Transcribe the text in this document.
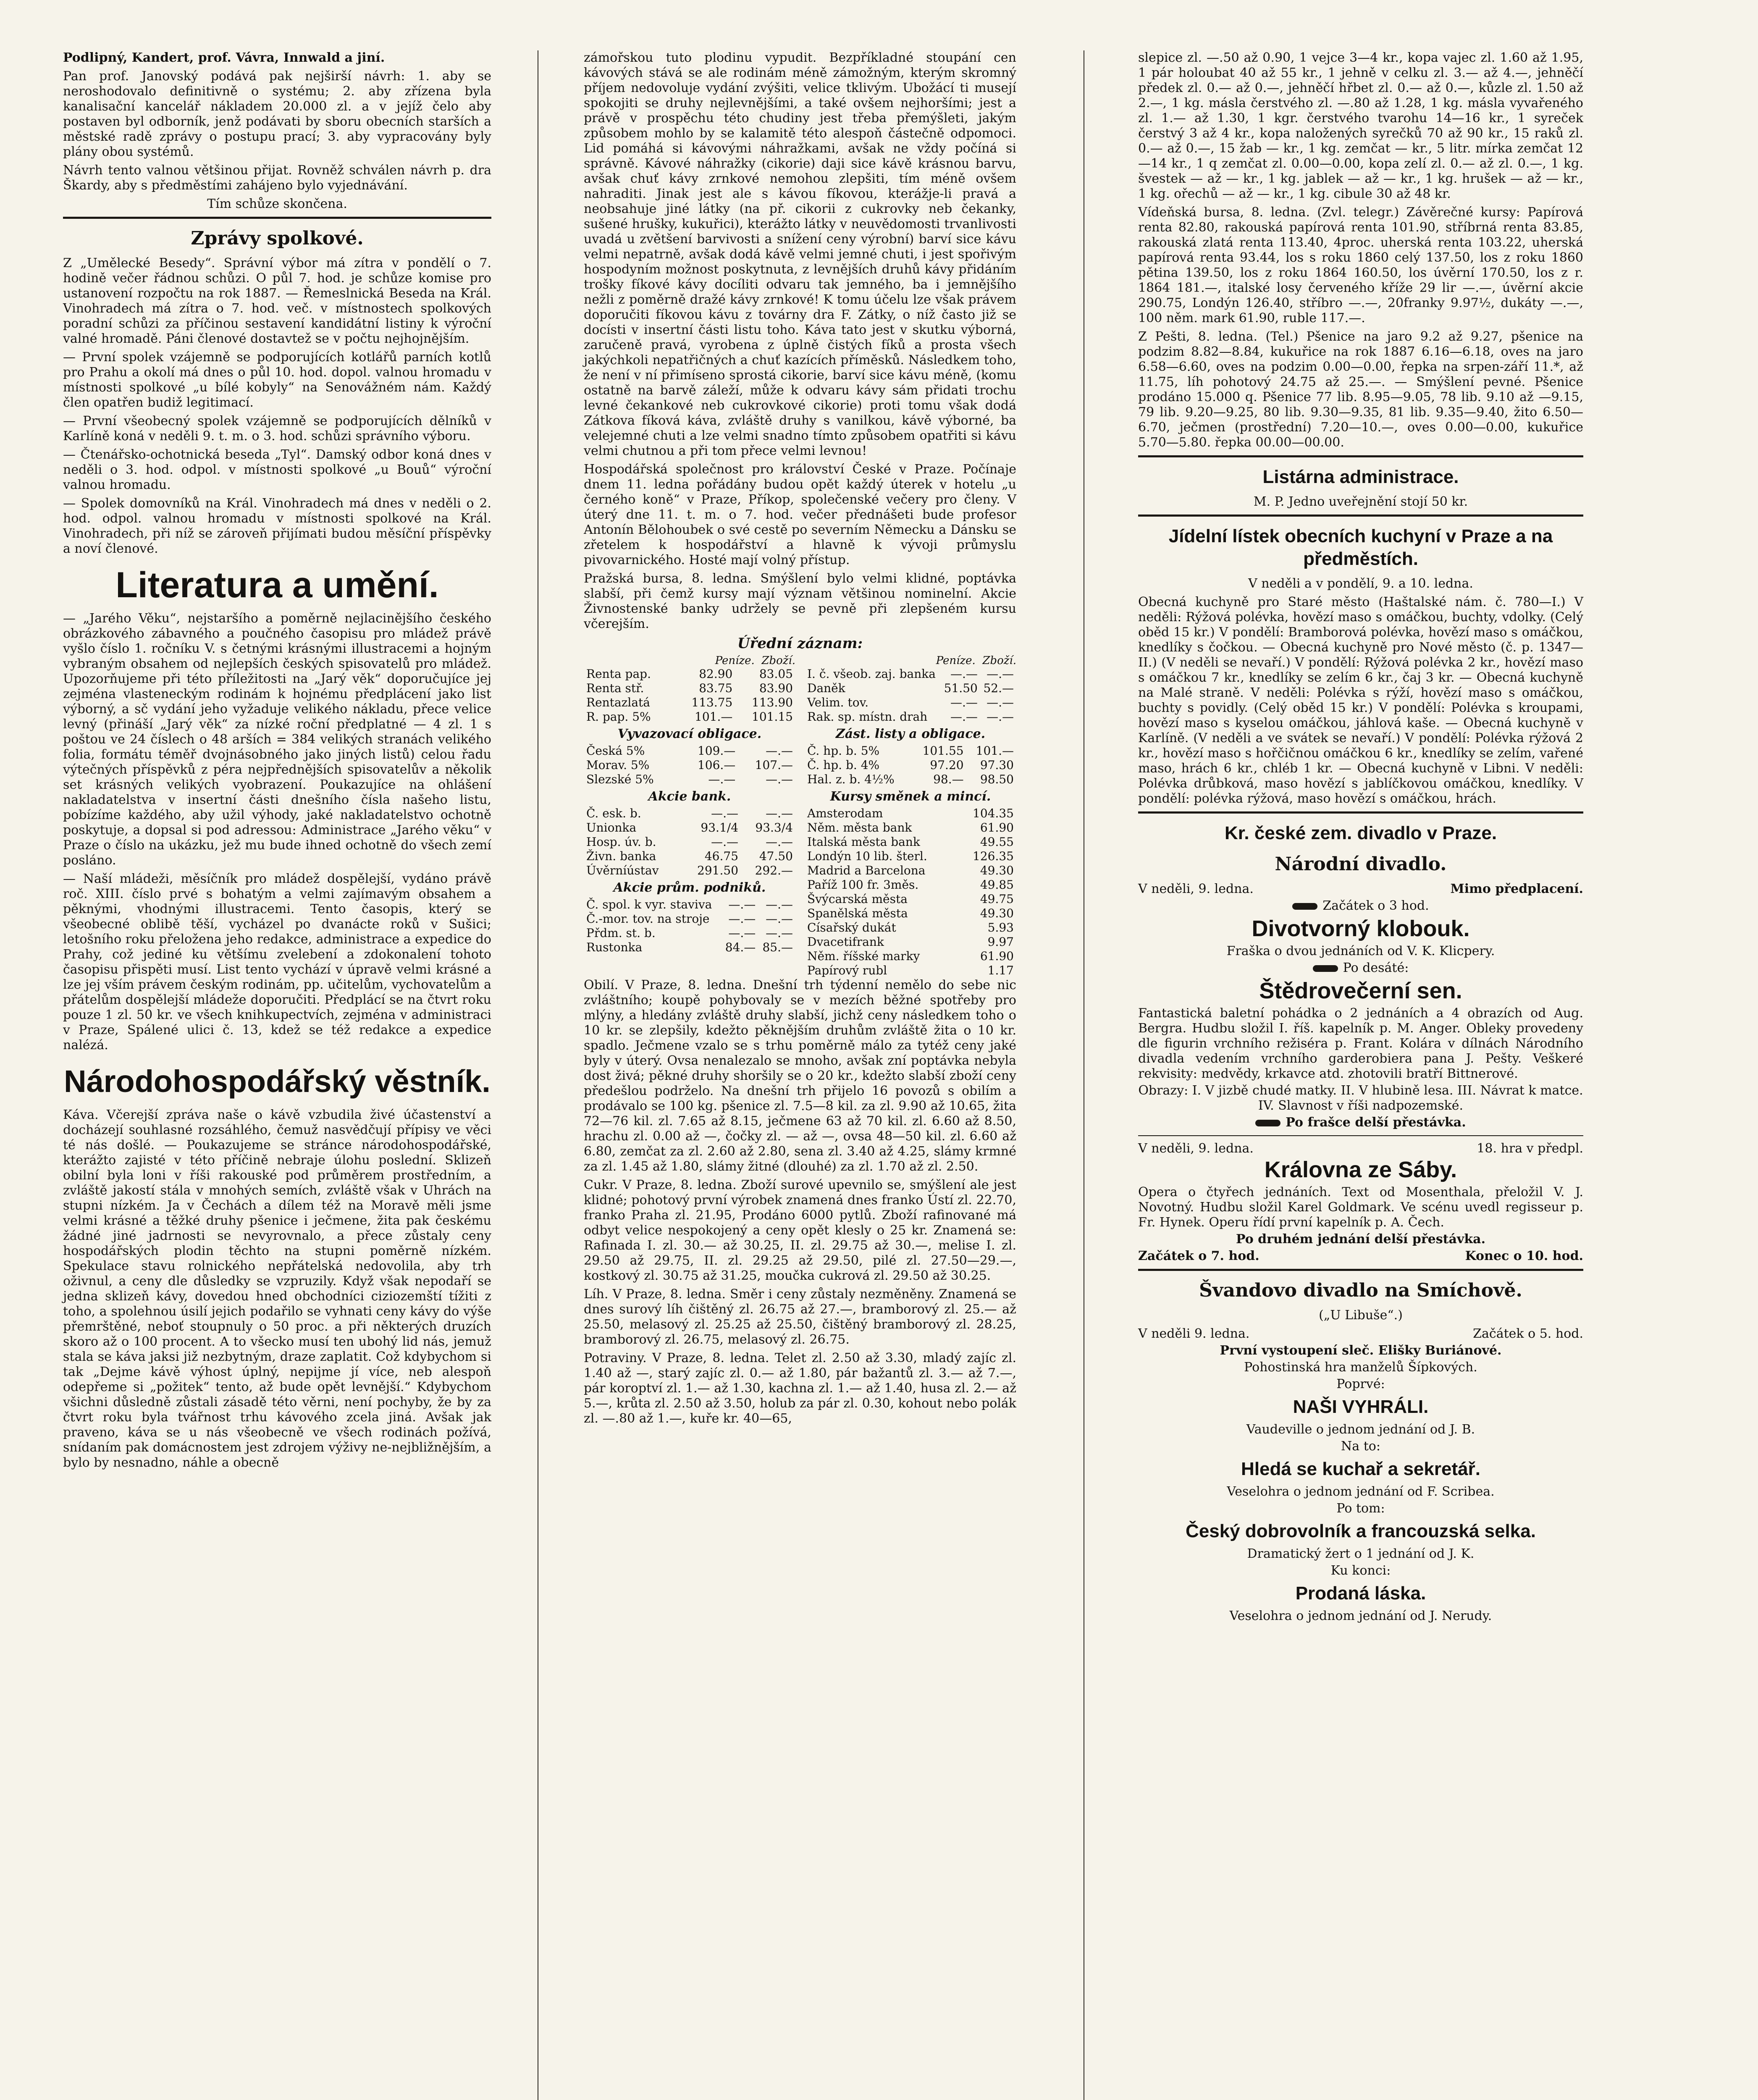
Podlipný, Kandert, prof. Vávra, Innwald a jiní.

Pan prof. Janovský podává pak nejširší návrh: 1. aby se neroshodovalo definitivně o systému; 2. aby zřízena byla kanalisační kancelář nákladem 20.000 zl. a v jejíž čelo aby postaven byl odborník, jenž podávati by sboru obecních starších a městské radě zprávy o postupu prací; 3. aby vypracovány byly plány obou systémů.

Návrh tento valnou většinou přijat. Rovněž schválen návrh p. dra Škardy, aby s předměstími zahájeno bylo vyjednávání.

Tím schůze skončena.

Zprávy spolkové.

Z „Umělecké Besedy“. Správní výbor má zítra v pondělí o 7. hodině večer řádnou schůzi. O půl 7. hod. je schůze komise pro ustanovení rozpočtu na rok 1887. — Řemeslnická Beseda na Král. Vinohradech má zítra o 7. hod. več. v místnostech spolkových poradní schůzi za příčinou sestavení kandidátní listiny k výroční valné hromadě. Páni členové dostavtež se v počtu nejhojnějším.

— První spolek vzájemně se podporujících kotlářů parních kotlů pro Prahu a okolí má dnes o půl 10. hod. dopol. valnou hromadu v místnosti spolkové „u bílé kobyly“ na Senovážném nám. Každý člen opatřen budiž legitimací.

— První všeobecný spolek vzájemně se podporujících dělníků v Karlíně koná v neděli 9. t. m. o 3. hod. schůzi správního výboru.

— Čtenářsko-ochotnická beseda „Tyl“. Damský odbor koná dnes v neděli o 3. hod. odpol. v místnosti spolkové „u Bouů“ výroční valnou hromadu.

— Spolek domovníků na Král. Vinohradech má dnes v neděli o 2. hod. odpol. valnou hromadu v místnosti spolkové na Král. Vinohradech, při níž se zároveň přijímati budou měsíční příspěvky a noví členové.

Literatura a umění.

— „Jarého Věku“, nejstaršího a poměrně nejlacinějšího českého obrázkového zábavného a poučného časopisu pro mládež právě vyšlo číslo 1. ročníku V. s četnými krásnými illustracemi a hojným vybraným obsahem od nejlepších českých spisovatelů pro mládež. Upozorňujeme při této příležitosti na „Jarý věk“ doporučujíce jej zejména vlasteneckým rodinám k hojnému předplácení jako list výborný, a sč vydání jeho vyžaduje velikého nákladu, přece velice levný (přináší „Jarý věk“ za nízké roční předplatné — 4 zl. 1 s poštou ve 24 číslech o 48 arších = 384 velikých stranách velikého folia, formátu téměř dvojnásobného jako jiných listů) celou řadu výtečných příspěvků z péra nejpřednějších spisovatelův a několik set krásných velikých vyobrazení. Poukazujíce na ohlášení nakladatelstva v insertní části dnešního čísla našeho listu, pobízíme každého, aby užil výhody, jaké nakladatelstvo ochotně poskytuje, a dopsal si pod adressou: Administrace „Jarého věku“ v Praze o číslo na ukázku, jež mu bude ihned ochotně do všech zemí posláno.

— Naší mládeži, měsíčník pro mládež dospělejší, vydáno právě roč. XIII. číslo prvé s bohatým a velmi zajímavým obsahem a pěknými, vhodnými illustracemi. Tento časopis, který se všeobecné oblibě těší, vycházel po dvanácte roků v Sušici; letošního roku přeložena jeho redakce, administrace a expedice do Prahy, což jediné ku většímu zvelebení a zdokonalení tohoto časopisu přispěti musí. List tento vychází v úpravě velmi krásné a lze jej vším právem českým rodinám, pp. učitelům, vychovatelům a přátelům dospělejší mládeže doporučiti. Předplácí se na čtvrt roku pouze 1 zl. 50 kr. ve všech knihkupectvích, zejména v administraci v Praze, Spálené ulici č. 13, kdež se též redakce a expedice nalézá.

Národohospodářský věstník.

Káva. Včerejší zpráva naše o kávě vzbudila živé účastenství a docházejí souhlasné rozsáhlého, čemuž nasvědčují přípisy ve věci té nás došlé. — Poukazujeme se stránce národohospodářské, kterážto zajisté v této příčině nebraje úlohu poslední. Sklizeň obilní byla loni v říši rakouské pod průměrem prostředním, a zvláště jakostí stála v mnohých semích, zvláště však v Uhrách na stupni nízkém. Ja v Čechách a dílem též na Moravě měli jsme velmi krásné a těžké druhy pšenice i ječmene, žita pak českému žádné jiné jadrnosti se nevyrovnalo, a přece zůstaly ceny hospodářských plodin těchto na stupni poměrně nízkém. Spekulace stavu rolnického nepřátelská nedovolila, aby trh oživnul, a ceny dle důsledky se vzpruzily. Když však nepodaří se jedna sklizeň kávy, dovedou hned obchodníci ciziozemští tížiti z toho, a spolehnou úsilí jejich podařilo se vyhnati ceny kávy do výše přemrštěné, neboť stoupnuly o 50 proc. a při některých druzích skoro až o 100 procent. A to všecko musí ten ubohý lid nás, jemuž stala se káva jaksi již nezbytným, draze zaplatit. Což kdybychom si tak „Dejme kávě výhost úplný, nepijme jí více, neb alespoň odepřeme si „požitek“ tento, až bude opět levnější.“ Kdybychom všichni důsledně zůstali zásadě této věrni, není pochyby, že by za čtvrt roku byla tvářnost trhu kávového zcela jiná. Avšak jak praveno, káva se u nás všeobecně ve všech rodinách požívá, snídaním pak domácnostem jest zdrojem výživy ne-nejbližnějším, a bylo by nesnadno, náhle a obecně

zámořskou tuto plodinu vypudit. Bezpříkladné stoupání cen kávových stává se ale rodinám méně zámožným, kterým skromný příjem nedovoluje vydání zvýšiti, velice tklivým. Ubožácí ti musejí spokojiti se druhy nejlevnějšími, a také ovšem nejhoršími; jest a právě v prospěchu této chudiny jest třeba přemýšleti, jakým způsobem mohlo by se kalamitě této alespoň částečně odpomoci. Lid pomáhá si kávovými náhražkami, avšak ne vždy počíná si správně. Kávové náhražky (cikorie) daji sice kávě krásnou barvu, avšak chuť kávy zrnkové nemohou zlepšiti, tím méně ovšem nahraditi. Jinak jest ale s kávou fíkovou, kterážje-li pravá a neobsahuje jiné látky (na př. cikorii z cukrovky neb čekanky, sušené hrušky, kukuřici), kterážto látky v neuvědomosti trvanlivosti uvadá u zvětšení barvivosti a snížení ceny výrobní) barví sice kávu velmi nepatrně, avšak dodá kávě velmi jemné chuti, i jest spořivým hospodyním možnost poskytnuta, z levnějších druhů kávy přidáním trošky fíkové kávy docíliti odvaru tak jemného, ba i jemnějšího nežli z poměrně dražé kávy zrnkové! K tomu účelu lze však právem doporučiti fíkovou kávu z továrny dra F. Zátky, o níž často již se docísti v insertní části listu toho. Káva tato jest v skutku výborná, zaručeně pravá, vyrobena z úplně čistých fíků a prosta všech jakýchkoli nepatřičných a chuť kazících příměsků. Následkem toho, že není v ní přimíseno sprostá cikorie, barví sice kávu méně, (komu ostatně na barvě záleží, může k odvaru kávy sám přidati trochu levné čekankové neb cukrovkové cikorie) proti tomu však dodá Zátkova fíková káva, zvláště druhy s vanilkou, kávě výborné, ba velejemné chuti a lze velmi snadno tímto způsobem opatřiti si kávu velmi chutnou a při tom přece velmi levnou!

Hospodářská společnost pro království České v Praze. Počínaje dnem 11. ledna pořádány budou opět každý úterek v hotelu „u černého koně“ v Praze, Příkop, společenské večery pro členy. V úterý dne 11. t. m. o 7. hod. večer přednášeti bude profesor Antonín Bělohoubek o své cestě po severním Německu a Dánsku se zřetelem k hospodářství a hlavně k vývoji průmyslu pivovarnického. Hosté mají volný přístup.

Pražská bursa, 8. ledna. Smýšlení bylo velmi klidné, poptávka slabší, při čemž kursy mají význam většinou nominelní. Akcie Živnostenské banky udržely se pevně při zlepšeném kursu včerejším.

Úřední záznam:
Peníze. Zboží.
Renta pap.	82.90	83.05
Renta stř.	83.75	83.90
Rentazlatá	113.75	113.90
R. pap. 5%	101.—	101.15
Vyvazovací obligace.
Česká 5%	109.—	—.—
Morav. 5%	106.—	107.—
Slezské 5%	—.—	—.—
Akcie bank.
Č. esk. b.	—.—	—.—
Unionka	93.1/4	93.3/4
Hosp. úv. b.	—.—	—.—
Živn. banka	46.75	47.50
Úvěrníústav	291.50	292.—
Akcie prům. podniků.
Č. spol. k vyr. staviva	—.—	—.—
Č.-mor. tov. na stroje	—.—	—.—
Přdm. st. b.	—.—	—.—
Rustonka	84.—	85.—
Peníze. Zboží.
I. č. všeob. zaj. banka	—.—	—.—
Daněk	51.50	52.—
Velim. tov.	—.—	—.—
Rak. sp. místn. drah	—.—	—.—
Zást. listy a obligace.
Č. hp. b. 5%	101.55	101.—
Č. hp. b. 4%	97.20	97.30
Hal. z. b. 4½%	98.—	98.50
Kursy směnek a mincí.
Amsterodam	104.35
Něm. města bank	61.90
Italská města bank	49.55
Londýn 10 lib. šterl.	126.35
Madrid a Barcelona	49.30
Paříž 100 fr. 3měs.	49.85
Švýcarská města	49.75
Spanělská města	49.30
Císařský dukát	5.93
Dvacetifrank	9.97
Něm. říšské marky	61.90
Papírový rubl	1.17

Obilí. V Praze, 8. ledna. Dnešní trh týdenní nemělo do sebe nic zvláštního; koupě pohybovaly se v mezích běžné spotřeby pro mlýny, a hledány zvláště druhy slabší, jichž ceny následkem toho o 10 kr. se zlepšily, kdežto pěknějším druhům zvláště žita o 10 kr. spadlo. Ječmene vzalo se s trhu poměrně málo za tytéž ceny jaké byly v úterý. Ovsa nenalezalo se mnoho, avšak zní poptávka nebyla dost živá; pěkné druhy shoršily se o 20 kr., kdežto slabší zboží ceny předešlou podrželo. Na dnešní trh přijelo 16 povozů s obilím a prodávalo se 100 kg. pšenice zl. 7.5—8 kil. za zl. 9.90 až 10.65, žita 72—76 kil. zl. 7.65 až 8.15, ječmene 63 až 70 kil. zl. 6.60 až 8.50, hrachu zl. 0.00 až —, čočky zl. — až —, ovsa 48—50 kil. zl. 6.60 až 6.80, zemčat za zl. 2.60 až 2.80, sena zl. 3.40 až 4.25, slámy krmné za zl. 1.45 až 1.80, slámy žitné (dlouhé) za zl. 1.70 až zl. 2.50.

Cukr. V Praze, 8. ledna. Zboží surové upevnilo se, smýšlení ale jest klidné; pohotový první výrobek znamená dnes franko Ústí zl. 22.70, franko Praha zl. 21.95, Prodáno 6000 pytlů. Zboží rafinované má odbyt velice nespokojený a ceny opět klesly o 25 kr. Znamená se: Rafinada I. zl. 30.— až 30.25, II. zl. 29.75 až 30.—, melise I. zl. 29.50 až 29.75, II. zl. 29.25 až 29.50, pilé zl. 27.50—29.—, kostkový zl. 30.75 až 31.25, moučka cukrová zl. 29.50 až 30.25.

Líh. V Praze, 8. ledna. Směr i ceny zůstaly nezměněny. Znamená se dnes surový líh čištěný zl. 26.75 až 27.—, bramborový zl. 25.— až 25.50, melasový zl. 25.25 až 25.50, čištěný bramborový zl. 28.25, bramborový zl. 26.75, melasový zl. 26.75.

Potraviny. V Praze, 8. ledna. Telet zl. 2.50 až 3.30, mladý zajíc zl. 1.40 až —, starý zajíc zl. 0.— až 1.80, pár bažantů zl. 3.— až 7.—, pár koroptví zl. 1.— až 1.30, kachna zl. 1.— až 1.40, husa zl. 2.— až 5.—, krůta zl. 2.50 až 3.50, holub za pár zl. 0.30, kohout nebo polák zl. —.80 až 1.—, kuře kr. 40—65,

slepice zl. —.50 až 0.90, 1 vejce 3—4 kr., kopa vajec zl. 1.60 až 1.95, 1 pár holoubat 40 až 55 kr., 1 jehně v celku zl. 3.— až 4.—, jehněčí předek zl. 0.— až 0.—, jehněčí hřbet zl. 0.— až 0.—, kůzle zl. 1.50 až 2.—, 1 kg. másla čerstvého zl. —.80 až 1.28, 1 kg. másla vyvařeného zl. 1.— až 1.30, 1 kgr. čerstvého tvarohu 14—16 kr., 1 syreček čerstvý 3 až 4 kr., kopa naložených syrečků 70 až 90 kr., 15 raků zl. 0.— až 0.—, 15 žab — kr., 1 kg. zemčat — kr., 5 litr. mírka zemčat 12—14 kr., 1 q zemčat zl. 0.00—0.00, kopa zelí zl. 0.— až zl. 0.—, 1 kg. švestek — až — kr., 1 kg. jablek — až — kr., 1 kg. hrušek — až — kr., 1 kg. ořechů — až — kr., 1 kg. cibule 30 až 48 kr.

Vídeňská bursa, 8. ledna. (Zvl. telegr.) Závěrečné kursy: Papírová renta 82.80, rakouská papírová renta 101.90, stříbrná renta 83.85, rakouská zlatá renta 113.40, 4proc. uherská renta 103.22, uherská papírová renta 93.44, los s roku 1860 celý 137.50, los z roku 1860 pětina 139.50, los z roku 1864 160.50, los úvěrní 170.50, los z r. 1864 181.—, italské losy červeného kříže 29 lir —.—, úvěrní akcie 290.75, Londýn 126.40, stříbro —.—, 20franky 9.97½, dukáty —.—, 100 něm. mark 61.90, ruble 117.—.

Z Pešti, 8. ledna. (Tel.) Pšenice na jaro 9.2 až 9.27, pšenice na podzim 8.82—8.84, kukuřice na rok 1887 6.16—6.18, oves na jaro 6.58—6.60, oves na podzim 0.00—0.00, řepka na srpen-září 11.*, až 11.75, líh pohotový 24.75 až 25.—. — Smýšlení pevné. Pšenice prodáno 15.000 q. Pšenice 77 lib. 8.95—9.05, 78 lib. 9.10 až —9.15, 79 lib. 9.20—9.25, 80 lib. 9.30—9.35, 81 lib. 9.35—9.40, žito 6.50—6.70, ječmen (prostřední) 7.20—10.—, oves 0.00—0.00, kukuřice 5.70—5.80. řepka 00.00—00.00.

Listárna administrace.

M. P. Jedno uveřejnění stojí 50 kr.

Jídelní lístek obecních kuchyní v Praze a na předměstích.

V neděli a v pondělí, 9. a 10. ledna.

Obecná kuchyně pro Staré město (Haštalské nám. č. 780—I.) V neděli: Rýžová polévka, hovězí maso s omáčkou, buchty, vdolky. (Celý oběd 15 kr.) V pondělí: Bramborová polévka, hovězí maso s omáčkou, knedlíky s čočkou. — Obecná kuchyně pro Nové město (č. p. 1347—II.) (V neděli se nevaří.) V pondělí: Rýžová polévka 2 kr., hovězí maso s omáčkou 7 kr., knedlíky se zelím 6 kr., čaj 3 kr. — Obecná kuchyně na Malé straně. V neděli: Polévka s rýží, hovězí maso s omáčkou, buchty s povidly. (Celý oběd 15 kr.) V pondělí: Polévka s kroupami, hovězí maso s kyselou omáčkou, jáhlová kaše. — Obecná kuchyně v Karlíně. (V neděli a ve svátek se nevaří.) V pondělí: Polévka rýžová 2 kr., hovězí maso s hořčičnou omáčkou 6 kr., knedlíky se zelím, vařené maso, hrách 6 kr., chléb 1 kr. — Obecná kuchyně v Libni. V neděli: Polévka drůbková, maso hovězí s jablíčkovou omáčkou, knedlíky. V pondělí: polévka rýžová, maso hovězí s omáčkou, hrách.

Kr. české zem. divadlo v Praze.
Národní divadlo.
V neděli, 9. ledna.	Mimo předplacení.

Začátek o 3 hod.

Divotvorný klobouk.

Fraška o dvou jednáních od V. K. Klicpery.

Po desáté:

Štědrovečerní sen.

Fantastická baletní pohádka o 2 jednáních a 4 obrazích od Aug. Bergra. Hudbu složil I. říš. kapelník p. M. Anger. Obleky provedeny dle figurin vrchního režiséra p. Frant. Kolára v dílnách Národního divadla vedením vrchního garderobiera pana J. Pešty. Veškeré rekvisity: medvědy, krkavce atd. zhotovili bratří Bittnerové.

Obrazy: I. V jizbě chudé matky. II. V hlubině lesa. III. Návrat k matce. IV. Slavnost v říši nadpozemské.

Po frašce delší přestávka.

V neděli, 9. ledna.	18. hra v předpl.
Královna ze Sáby.

Opera o čtyřech jednáních. Text od Mosenthala, přeložil V. J. Novotný. Hudbu složil Karel Goldmark. Ve scénu uvedl regisseur p. Fr. Hynek. Operu řídí první kapelník p. A. Čech.

Po druhém jednání delší přestávka.

Začátek o 7. hod.	Konec o 10. hod.
Švandovo divadlo na Smíchově.

(„U Libuše“.)

V neděli 9. ledna.	Začátek o 5. hod.

První vystoupení sleč. Elišky Buriánové.

Pohostinská hra manželů Šípkových.

Poprvé:

NAŠI VYHRÁLI.

Vaudeville o jednom jednání od J. B.

Na to:

Hledá se kuchař a sekretář.

Veselohra o jednom jednání od F. Scribea.

Po tom:

Český dobrovolník a francouzská selka.

Dramatický žert o 1 jednání od J. K.

Ku konci:

Prodaná láska.

Veselohra o jednom jednání od J. Nerudy.
